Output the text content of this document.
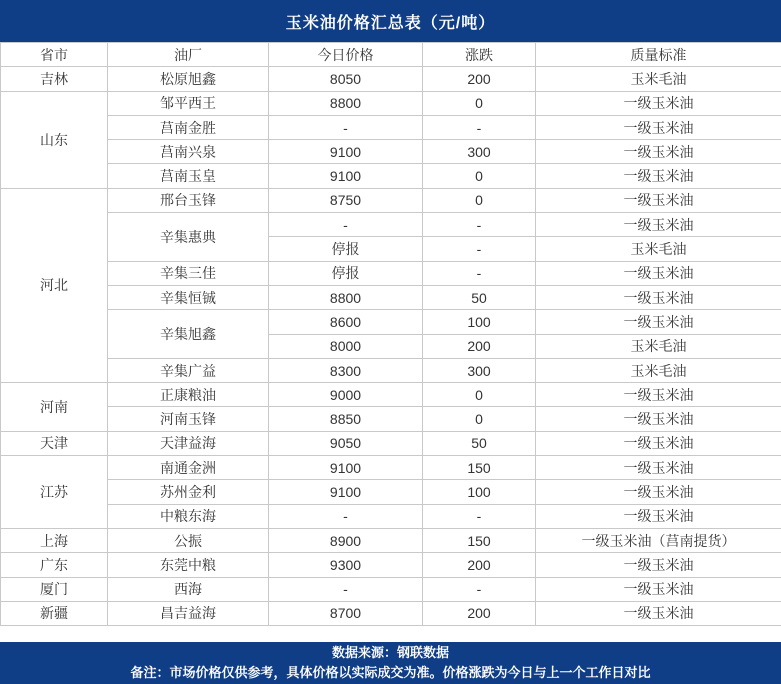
玉米油价格汇总表（元/吨）
省市	油厂	今日价格	涨跌	质量标准
吉林	松原旭鑫	8050	200	玉米毛油
山东	邹平西王	8800	0	一级玉米油
	莒南金胜	-	-	一级玉米油
	莒南兴泉	9100	300	一级玉米油
	莒南玉皇	9100	0	一级玉米油
河北	邢台玉锋	8750	0	一级玉米油
	辛集惠典	-	-	一级玉米油
		停报	-	玉米毛油
	辛集三佳	停报	-	一级玉米油
	辛集恒铖	8800	50	一级玉米油
	辛集旭鑫	8600	100	一级玉米油
		8000	200	玉米毛油
	辛集广益	8300	300	玉米毛油
河南	正康粮油	9000	0	一级玉米油
	河南玉锋	8850	0	一级玉米油
天津	天津益海	9050	50	一级玉米油
江苏	南通金洲	9100	150	一级玉米油
	苏州金利	9100	100	一级玉米油
	中粮东海	-	-	一级玉米油
上海	公振	8900	150	一级玉米油（莒南提货）
广东	东莞中粮	9300	200	一级玉米油
厦门	西海	-	-	一级玉米油
新疆	昌吉益海	8700	200	一级玉米油
数据来源：钢联数据
备注：市场价格仅供参考，具体价格以实际成交为准。价格涨跌为今日与上一个工作日对比
